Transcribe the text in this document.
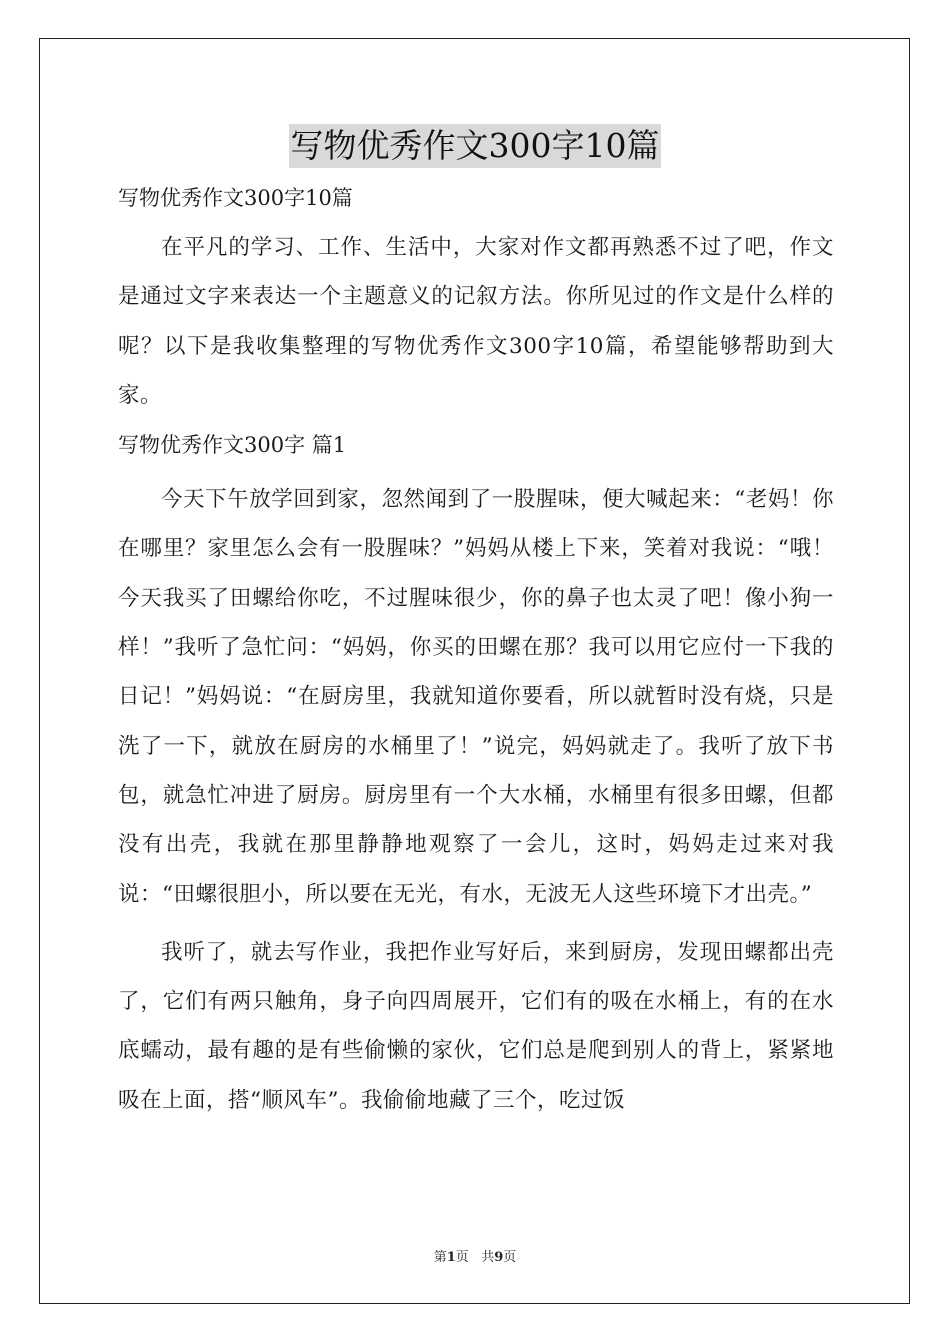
写物优秀作文300字10篇
写物优秀作文300字10篇

在平凡的学习、工作、生活中，大家对作文都再熟悉不过了吧，作文是通过文字来表达一个主题意义的记叙方法。你所见过的作文是什么样的呢？以下是我收集整理的写物优秀作文300字10篇，希望能够帮助到大家。

写物优秀作文300字 篇1

今天下午放学回到家，忽然闻到了一股腥味，便大喊起来：“老妈！你在哪里？家里怎么会有一股腥味？”妈妈从楼上下来，笑着对我说：“哦！今天我买了田螺给你吃，不过腥味很少，你的鼻子也太灵了吧！像小狗一样！”我听了急忙问：“妈妈，你买的田螺在那？我可以用它应付一下我的日记！”妈妈说：“在厨房里，我就知道你要看，所以就暂时没有烧，只是洗了一下，就放在厨房的水桶里了！”说完，妈妈就走了。我听了放下书包，就急忙冲进了厨房。厨房里有一个大水桶，水桶里有很多田螺，但都没有出壳，我就在那里静静地观察了一会儿，这时，妈妈走过来对我说：“田螺很胆小，所以要在无光，有水，无波无人这些环境下才出壳。”

我听了，就去写作业，我把作业写好后，来到厨房，发现田螺都出壳了，它们有两只触角，身子向四周展开，它们有的吸在水桶上，有的在水底蠕动，最有趣的是有些偷懒的家伙，它们总是爬到别人的背上，紧紧地吸在上面，搭“顺风车”。我偷偷地藏了三个，吃过饭

第1页 共9页
